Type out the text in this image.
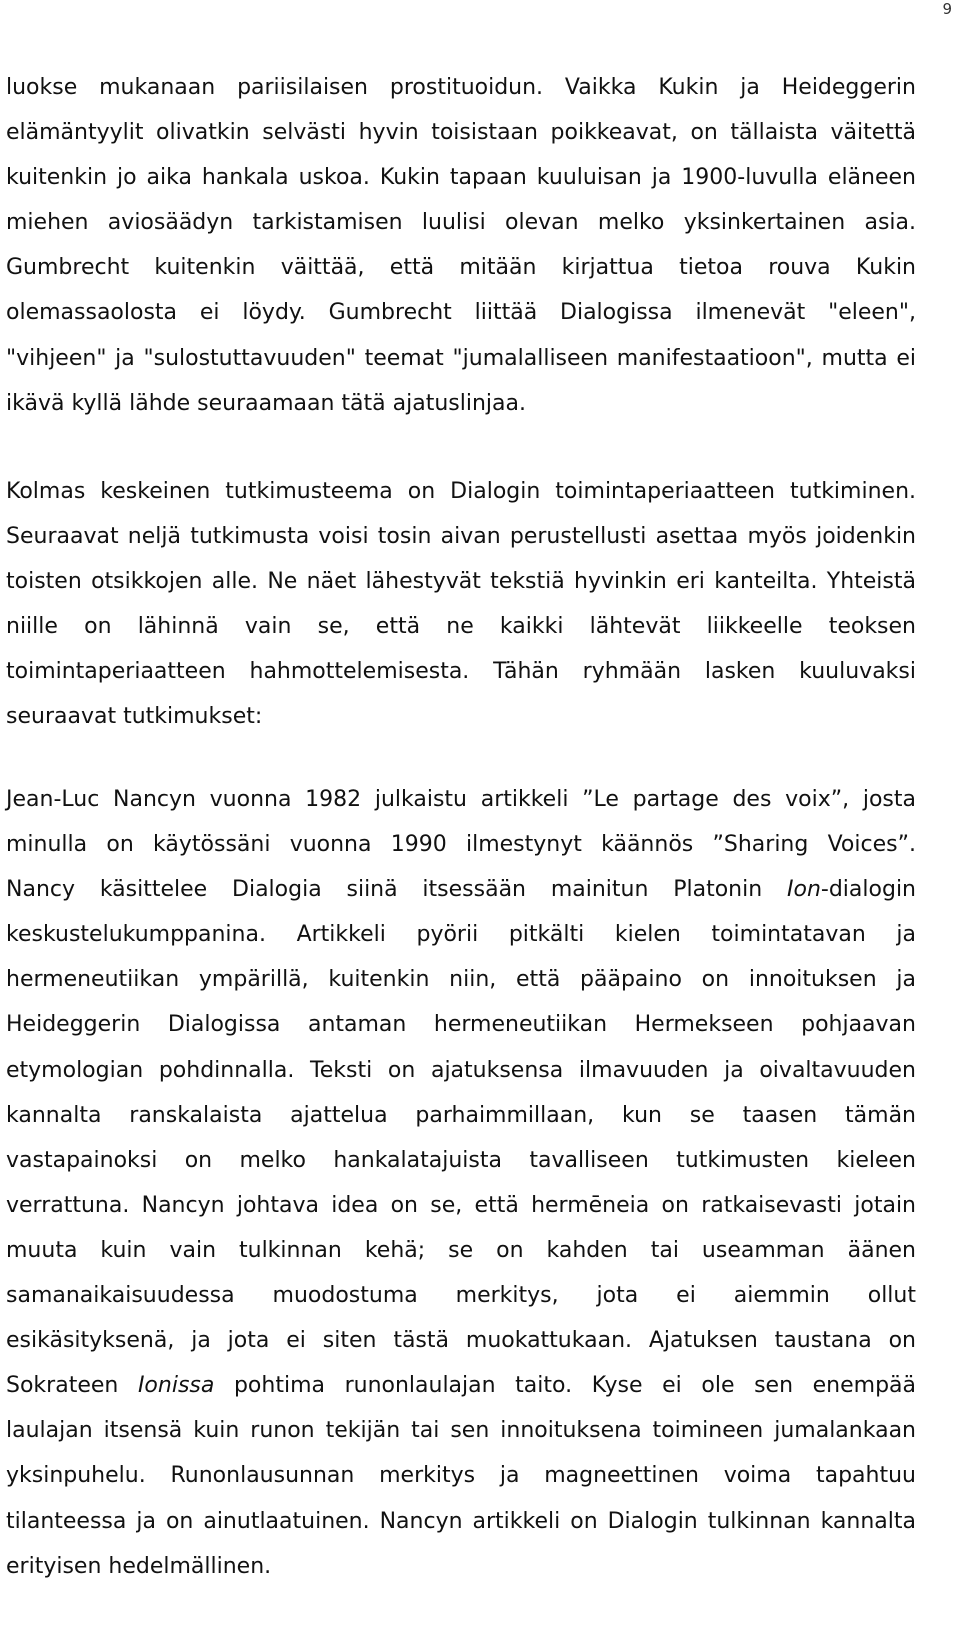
9
luokse mukanaan pariisilaisen prostituoidun. Vaikka Kukin ja Heideggerin
elämäntyylit olivatkin selvästi hyvin toisistaan poikkeavat, on tällaista väitettä
kuitenkin jo aika hankala uskoa. Kukin tapaan kuuluisan ja 1900-luvulla eläneen
miehen aviosäädyn tarkistamisen luulisi olevan melko yksinkertainen asia.
Gumbrecht kuitenkin väittää, että mitään kirjattua tietoa rouva Kukin
olemassaolosta ei löydy. Gumbrecht liittää Dialogissa ilmenevät "eleen",
"vihjeen" ja "sulostuttavuuden" teemat "jumalalliseen manifestaatioon", mutta ei
ikävä kyllä lähde seuraamaan tätä ajatuslinjaa.
Kolmas keskeinen tutkimusteema on Dialogin toimintaperiaatteen tutkiminen.
Seuraavat neljä tutkimusta voisi tosin aivan perustellusti asettaa myös joidenkin
toisten otsikkojen alle. Ne näet lähestyvät tekstiä hyvinkin eri kanteilta. Yhteistä
niille on lähinnä vain se, että ne kaikki lähtevät liikkeelle teoksen
toimintaperiaatteen hahmottelemisesta. Tähän ryhmään lasken kuuluvaksi
seuraavat tutkimukset:
Jean-Luc Nancyn vuonna 1982 julkaistu artikkeli ”Le partage des voix”, josta
minulla on käytössäni vuonna 1990 ilmestynyt käännös ”Sharing Voices”.
Nancy käsittelee Dialogia siinä itsessään mainitun Platonin Ion-dialogin
keskustelukumppanina. Artikkeli pyörii pitkälti kielen toimintatavan ja
hermeneutiikan ympärillä, kuitenkin niin, että pääpaino on innoituksen ja
Heideggerin Dialogissa antaman hermeneutiikan Hermekseen pohjaavan
etymologian pohdinnalla. Teksti on ajatuksensa ilmavuuden ja oivaltavuuden
kannalta ranskalaista ajattelua parhaimmillaan, kun se taasen tämän
vastapainoksi on melko hankalatajuista tavalliseen tutkimusten kieleen
verrattuna. Nancyn johtava idea on se, että hermēneia on ratkaisevasti jotain
muuta kuin vain tulkinnan kehä; se on kahden tai useamman äänen
samanaikaisuudessa muodostuma merkitys, jota ei aiemmin ollut
esikäsityksenä, ja jota ei siten tästä muokattukaan. Ajatuksen taustana on
Sokrateen Ionissa pohtima runonlaulajan taito. Kyse ei ole sen enempää
laulajan itsensä kuin runon tekijän tai sen innoituksena toimineen jumalankaan
yksinpuhelu. Runonlausunnan merkitys ja magneettinen voima tapahtuu
tilanteessa ja on ainutlaatuinen. Nancyn artikkeli on Dialogin tulkinnan kannalta
erityisen hedelmällinen.
